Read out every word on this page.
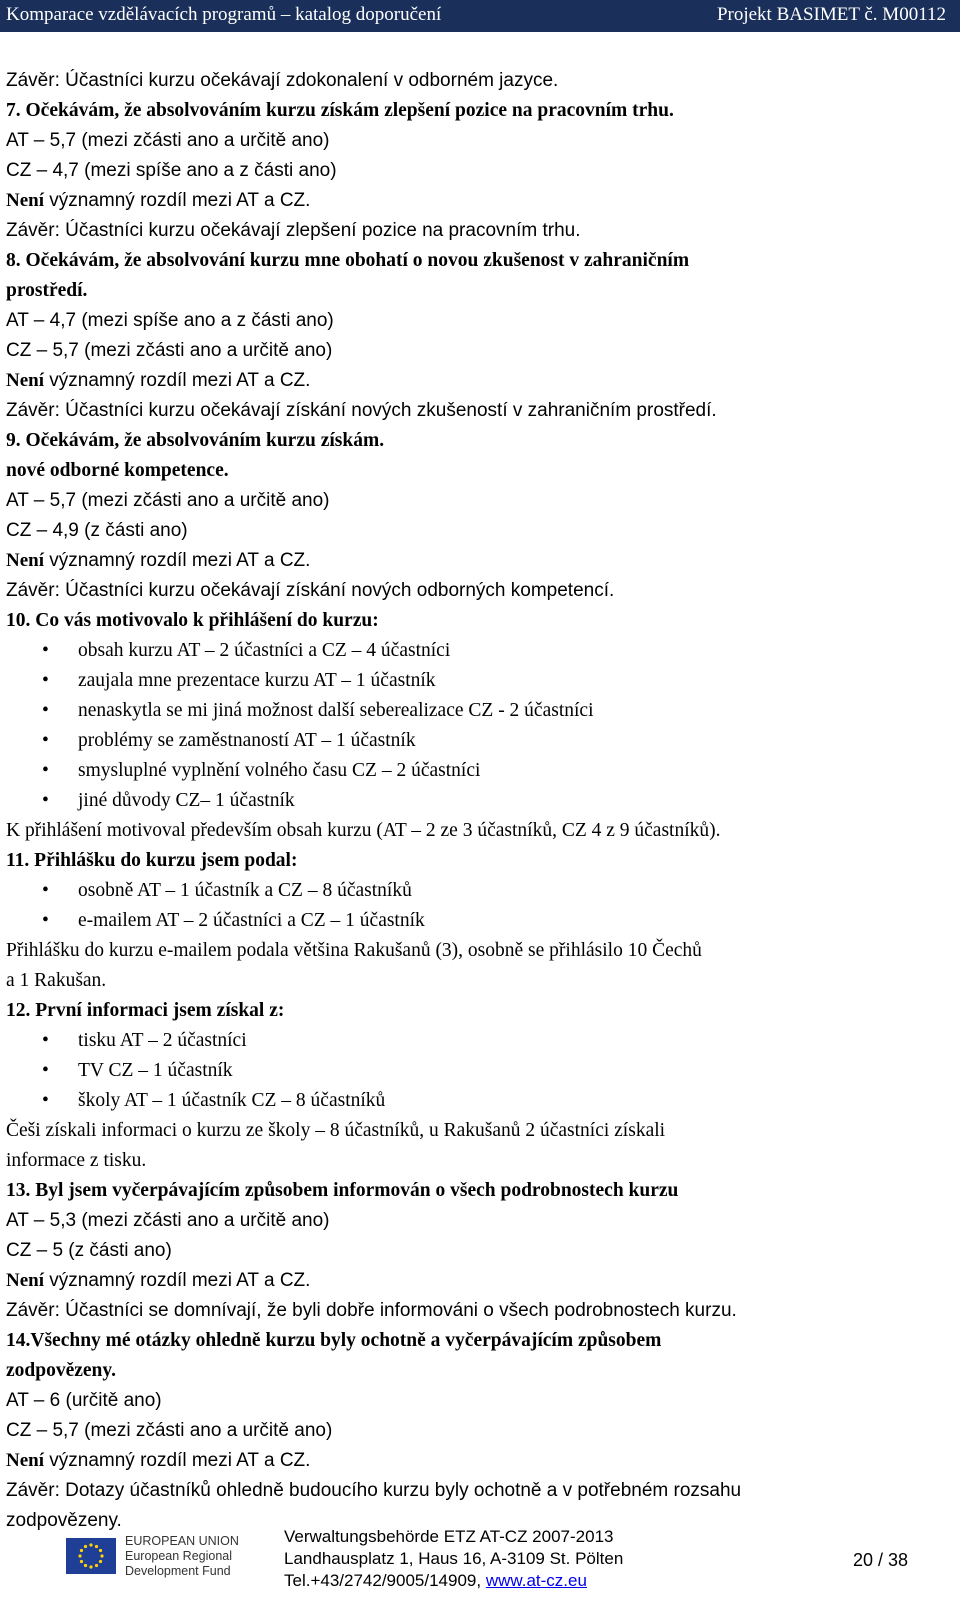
Komparace vzdělávacích programů – katalog doporučení	Projekt BASIMET č. M00112
Závěr: Účastníci kurzu očekávají zdokonalení v odborném jazyce.
7. Očekávám, že absolvováním kurzu získám zlepšení pozice na pracovním trhu.
AT – 5,7 (mezi zčásti ano a určitě ano)
CZ – 4,7 (mezi spíše ano a z části ano)
Není významný rozdíl mezi AT a CZ.
Závěr: Účastníci kurzu očekávají zlepšení pozice na pracovním trhu.
8. Očekávám, že absolvování kurzu mne obohatí o novou zkušenost v zahraničním
prostředí.
AT – 4,7 (mezi spíše ano a z části ano)
CZ – 5,7 (mezi zčásti ano a určitě ano)
Není významný rozdíl mezi AT a CZ.
Závěr: Účastníci kurzu očekávají získání nových zkušeností v zahraničním prostředí.
9. Očekávám, že absolvováním kurzu získám.
nové odborné kompetence.
AT – 5,7 (mezi zčásti ano a určitě ano)
CZ – 4,9 (z části ano)
Není významný rozdíl mezi AT a CZ.
Závěr: Účastníci kurzu očekávají získání nových odborných kompetencí.
10. Co vás motivovalo k přihlášení do kurzu:
• obsah kurzu AT – 2 účastníci a CZ – 4 účastníci
• zaujala mne prezentace kurzu AT – 1 účastník
• nenaskytla se mi jiná možnost další seberealizace CZ - 2 účastníci
• problémy se zaměstnaností AT – 1 účastník
• smysluplné vyplnění volného času CZ – 2 účastníci
• jiné důvody CZ– 1 účastník
K přihlášení motivoval především obsah kurzu (AT – 2 ze 3 účastníků, CZ 4 z 9 účastníků).
11. Přihlášku do kurzu jsem podal:
• osobně AT – 1 účastník a CZ – 8 účastníků
• e-mailem AT – 2 účastníci a CZ – 1 účastník
Přihlášku do kurzu e-mailem podala většina Rakušanů (3), osobně se přihlásilo 10 Čechů
a 1 Rakušan.
12. První informaci jsem získal z:
• tisku AT – 2 účastníci
• TV CZ – 1 účastník
• školy AT – 1 účastník CZ – 8 účastníků
Češi získali informaci o kurzu ze školy – 8 účastníků, u Rakušanů 2 účastníci získali
informace z tisku.
13. Byl jsem vyčerpávajícím způsobem informován o všech podrobnostech kurzu
AT – 5,3 (mezi zčásti ano a určitě ano)
CZ – 5 (z části ano)
Není významný rozdíl mezi AT a CZ.
Závěr: Účastníci se domnívají, že byli dobře informováni o všech podrobnostech kurzu.
14.Všechny mé otázky ohledně kurzu byly ochotně a vyčerpávajícím způsobem
zodpovězeny.
AT – 6 (určitě ano)
CZ – 5,7 (mezi zčásti ano a určitě ano)
Není významný rozdíl mezi AT a CZ.
Závěr: Dotazy účastníků ohledně budoucího kurzu byly ochotně a v potřebném rozsahu
zodpovězeny.
EUROPEAN UNION
European Regional
Development Fund
Verwaltungsbehörde ETZ AT-CZ 2007-2013
Landhausplatz 1, Haus 16, A-3109 St. Pölten
Tel.+43/2742/9005/14909, www.at-cz.eu
20 / 38
